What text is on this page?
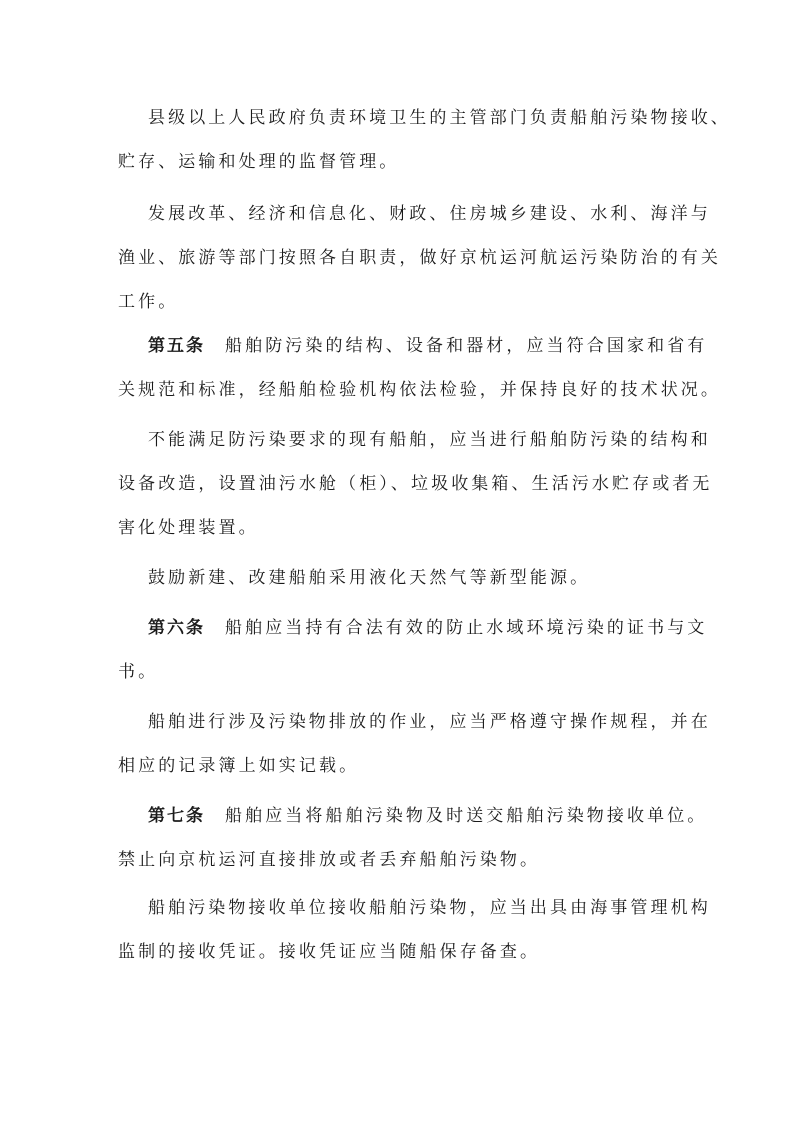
县级以上人民政府负责环境卫生的主管部门负责船舶污染物接收、
贮存、运输和处理的监督管理。
发展改革、经济和信息化、财政、住房城乡建设、水利、海洋与
渔业、旅游等部门按照各自职责，做好京杭运河航运污染防治的有关
工作。
第五条 船舶防污染的结构、设备和器材，应当符合国家和省有
关规范和标准，经船舶检验机构依法检验，并保持良好的技术状况。
不能满足防污染要求的现有船舶，应当进行船舶防污染的结构和
设备改造，设置油污水舱（柜）、垃圾收集箱、生活污水贮存或者无
害化处理装置。
鼓励新建、改建船舶采用液化天然气等新型能源。
第六条 船舶应当持有合法有效的防止水域环境污染的证书与文
书。
船舶进行涉及污染物排放的作业，应当严格遵守操作规程，并在
相应的记录簿上如实记载。
第七条 船舶应当将船舶污染物及时送交船舶污染物接收单位。
禁止向京杭运河直接排放或者丢弃船舶污染物。
船舶污染物接收单位接收船舶污染物，应当出具由海事管理机构
监制的接收凭证。接收凭证应当随船保存备查。
